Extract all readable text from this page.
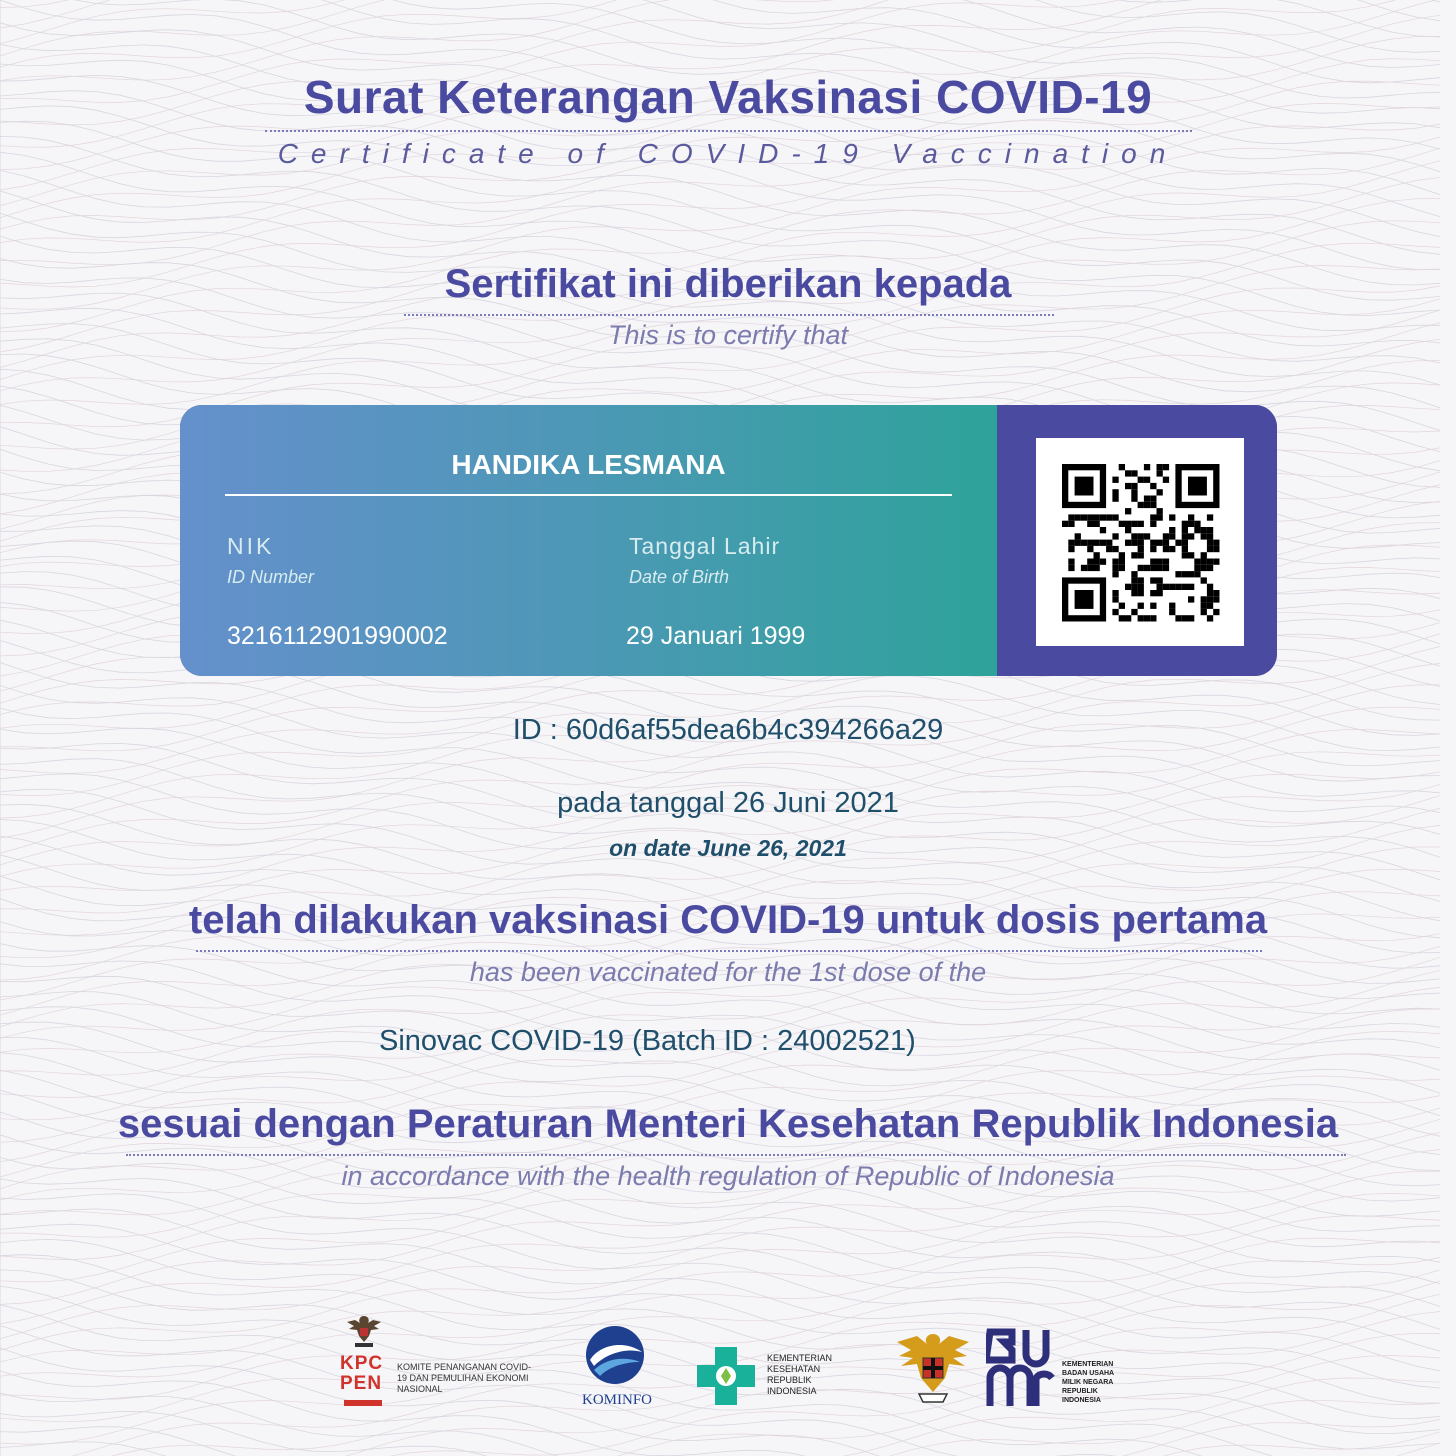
Surat Keterangan Vaksinasi COVID-19
Certificate of COVID-19 Vaccination
Sertifikat ini diberikan kepada
This is to certify that
HANDIKA LESMANA
NIK
ID Number
3216112901990002
Tanggal Lahir
Date of Birth
29 Januari 1999
ID : 60d6af55dea6b4c394266a29
pada tanggal 26 Juni 2021
on date June 26, 2021
telah dilakukan vaksinasi COVID-19 untuk dosis pertama
has been vaccinated for the 1st dose of the
Sinovac COVID-19 (Batch ID : 24002521)
sesuai dengan Peraturan Menteri Kesehatan Republik Indonesia
in accordance with the health regulation of Republic of Indonesia
KPC
PEN
KOMITE PENANGANAN COVID-19 DAN PEMULIHAN EKONOMI NASIONAL
KOMINFO
KEMENTERIAN KESEHATAN REPUBLIK INDONESIA
KEMENTERIAN BADAN USAHA MILIK NEGARA REPUBLIK INDONESIA
